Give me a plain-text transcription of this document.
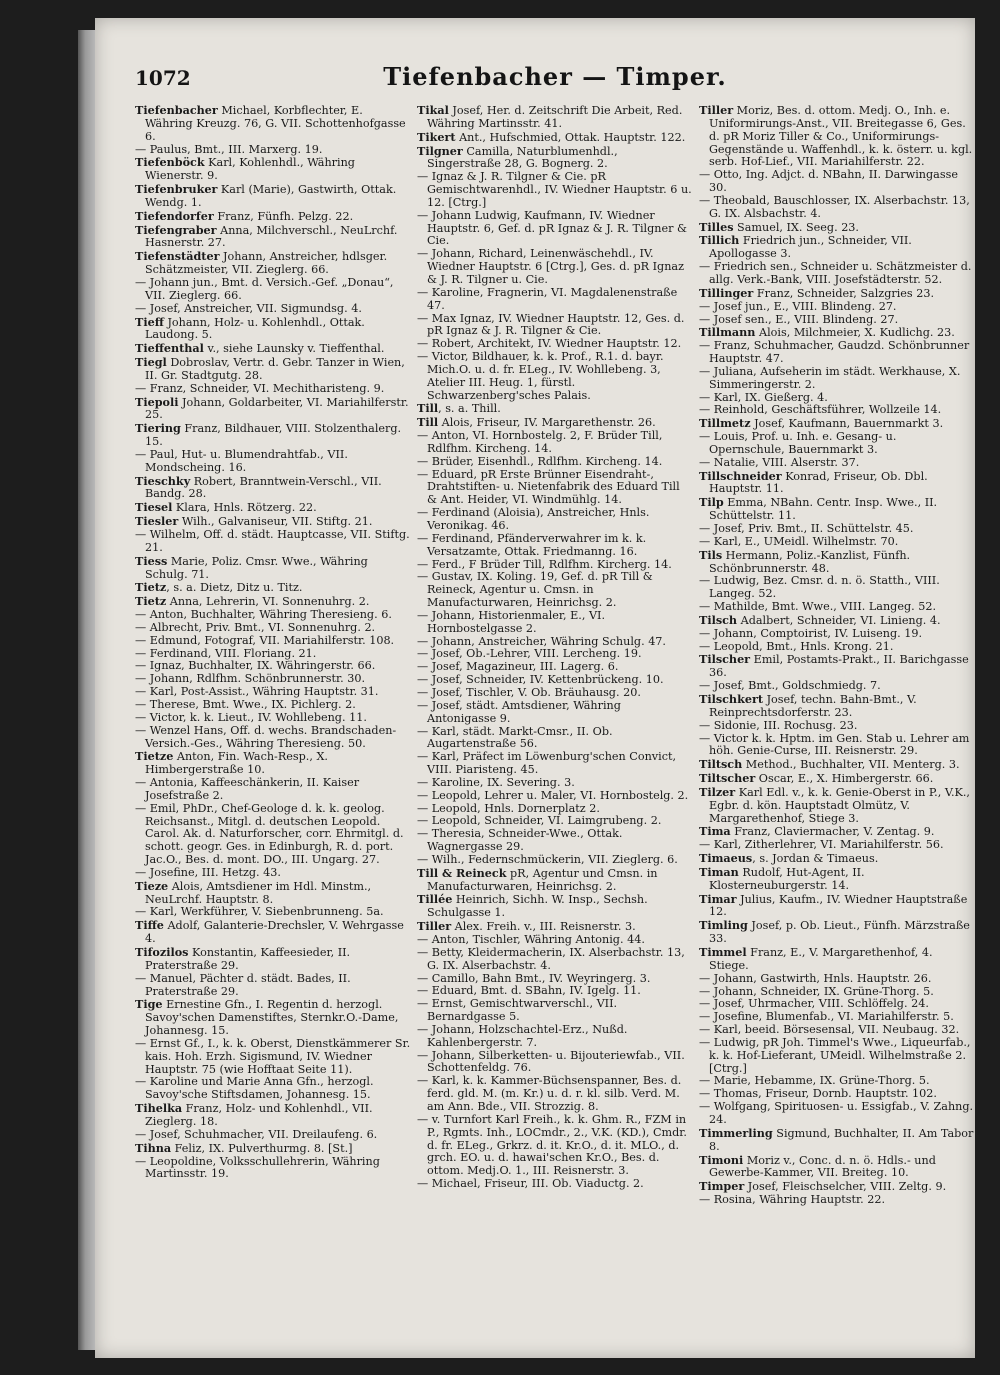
1072	Tiefenbacher — Timper.

Tiefenbacher Michael, Korbflechter, E. Währing Kreuzg. 76, G. VII. Schottenhofgasse 6.

— Paulus, Bmt., III. Marxerg. 19.

Tiefenböck Karl, Kohlenhdl., Währing Wienerstr. 9.

Tiefenbruker Karl (Marie), Gastwirth, Ottak. Wendg. 1.

Tiefendorfer Franz, Fünfh. Pelzg. 22.

Tiefengraber Anna, Milchverschl., NeuLrchf. Hasnerstr. 27.

Tiefenstädter Johann, Anstreicher, hdlsger. Schätzmeister, VII. Zieglerg. 66.

— Johann jun., Bmt. d. Versich.-Gef. „Donau“, VII. Zieglerg. 66.

— Josef, Anstreicher, VII. Sigmundsg. 4.

Tieff Johann, Holz- u. Kohlenhdl., Ottak. Laudong. 5.

Tieffenthal v., siehe Launsky v. Tieffenthal.

Tiegl Dobroslav, Vertr. d. Gebr. Tanzer in Wien, II. Gr. Stadtgutg. 28.

— Franz, Schneider, VI. Mechitharisteng. 9.

Tiepoli Johann, Goldarbeiter, VI. Mariahilferstr. 25.

Tiering Franz, Bildhauer, VIII. Stolzenthalerg. 15.

— Paul, Hut- u. Blumendrahtfab., VII. Mondscheing. 16.

Tieschky Robert, Branntwein-Verschl., VII. Bandg. 28.

Tiesel Klara, Hnls. Rötzerg. 22.

Tiesler Wilh., Galvaniseur, VII. Stiftg. 21.

— Wilhelm, Off. d. städt. Hauptcasse, VII. Stiftg. 21.

Tiess Marie, Poliz. Cmsr. Wwe., Währing Schulg. 71.

Tietz, s. a. Dietz, Ditz u. Titz.

Tietz Anna, Lehrerin, VI. Sonnenuhrg. 2.

— Anton, Buchhalter, Währing Theresieng. 6.

— Albrecht, Priv. Bmt., VI. Sonnenuhrg. 2.

— Edmund, Fotograf, VII. Mariahilferstr. 108.

— Ferdinand, VIII. Floriang. 21.

— Ignaz, Buchhalter, IX. Währingerstr. 66.

— Johann, Rdlfhm. Schönbrunnerstr. 30.

— Karl, Post-Assist., Währing Hauptstr. 31.

— Therese, Bmt. Wwe., IX. Pichlerg. 2.

— Victor, k. k. Lieut., IV. Wohllebeng. 11.

— Wenzel Hans, Off. d. wechs. Brandschaden-Versich.-Ges., Währing Theresieng. 50.

Tietze Anton, Fin. Wach-Resp., X. Himbergerstraße 10.

— Antonia, Kaffeeschänkerin, II. Kaiser Josefstraße 2.

— Emil, PhDr., Chef-Geologe d. k. k. geolog. Reichsanst., Mitgl. d. deutschen Leopold. Carol. Ak. d. Naturforscher, corr. Ehrmitgl. d. schott. geogr. Ges. in Edinburgh, R. d. port. Jac.O., Bes. d. mont. DO., III. Ungarg. 27.

— Josefine, III. Hetzg. 43.

Tieze Alois, Amtsdiener im Hdl. Minstm., NeuLrchf. Hauptstr. 8.

— Karl, Werkführer, V. Siebenbrunneng. 5a.

Tiffe Adolf, Galanterie-Drechsler, V. Wehrgasse 4.

Tifozilos Konstantin, Kaffeesieder, II. Praterstraße 29.

— Manuel, Pächter d. städt. Bades, II. Praterstraße 29.

Tige Ernestine Gfn., I. Regentin d. herzogl. Savoy'schen Damenstiftes, Sternkr.O.-Dame, Johannesg. 15.

— Ernst Gf., I., k. k. Oberst, Dienstkämmerer Sr. kais. Hoh. Erzh. Sigismund, IV. Wiedner Hauptstr. 75 (wie Hofftaat Seite 11).

— Karoline und Marie Anna Gfn., herzogl. Savoy'sche Stiftsdamen, Johannesg. 15.

Tihelka Franz, Holz- und Kohlenhdl., VII. Zieglerg. 18.

— Josef, Schuhmacher, VII. Dreilaufeng. 6.

Tihna Feliz, IX. Pulverthurmg. 8. [St.]

— Leopoldine, Volksschullehrerin, Währing Martinsstr. 19.

Tikal Josef, Her. d. Zeitschrift Die Arbeit, Red. Währing Martinsstr. 41.

Tikert Ant., Hufschmied, Ottak. Hauptstr. 122.

Tilgner Camilla, Naturblumenhdl., Singerstraße 28, G. Bognerg. 2.

— Ignaz & J. R. Tilgner & Cie. pR Gemischtwarenhdl., IV. Wiedner Hauptstr. 6 u. 12. [Ctrg.]

— Johann Ludwig, Kaufmann, IV. Wiedner Hauptstr. 6, Gef. d. pR Ignaz & J. R. Tilgner & Cie.

— Johann, Richard, Leinenwäschehdl., IV. Wiedner Hauptstr. 6 [Ctrg.], Ges. d. pR Ignaz & J. R. Tilgner u. Cie.

— Karoline, Fragnerin, VI. Magdalenenstraße 47.

— Max Ignaz, IV. Wiedner Hauptstr. 12, Ges. d. pR Ignaz & J. R. Tilgner & Cie.

— Robert, Architekt, IV. Wiedner Hauptstr. 12.

— Victor, Bildhauer, k. k. Prof., R.1. d. bayr. Mich.O. u. d. fr. ELeg., IV. Wohllebeng. 3, Atelier III. Heug. 1, fürstl. Schwarzenberg'sches Palais.

Till, s. a. Thill.

Till Alois, Friseur, IV. Margarethenstr. 26.

— Anton, VI. Hornbostelg. 2, F. Brüder Till, Rdlfhm. Kircheng. 14.

— Brüder, Eisenhdl., Rdlfhm. Kircheng. 14.

— Eduard, pR Erste Brünner Eisendraht-, Drahtstiften- u. Nietenfabrik des Eduard Till & Ant. Heider, VI. Windmühlg. 14.

— Ferdinand (Aloisia), Anstreicher, Hnls. Veronikag. 46.

— Ferdinand, Pfänderverwahrer im k. k. Versatzamte, Ottak. Friedmanng. 16.

— Ferd., F Brüder Till, Rdlfhm. Kircherg. 14.

— Gustav, IX. Koling. 19, Gef. d. pR Till & Reineck, Agentur u. Cmsn. in Manufacturwaren, Heinrichsg. 2.

— Johann, Historienmaler, E., VI. Hornbostelgasse 2.

— Johann, Anstreicher, Währing Schulg. 47.

— Josef, Ob.-Lehrer, VIII. Lercheng. 19.

— Josef, Magazineur, III. Lagerg. 6.

— Josef, Schneider, IV. Kettenbrückeng. 10.

— Josef, Tischler, V. Ob. Bräuhausg. 20.

— Josef, städt. Amtsdiener, Währing Antonigasse 9.

— Karl, städt. Markt-Cmsr., II. Ob. Augartenstraße 56.

— Karl, Präfect im Löwenburg'schen Convict, VIII. Piaristeng. 45.

— Karoline, IX. Severing. 3.

— Leopold, Lehrer u. Maler, VI. Hornbostelg. 2.

— Leopold, Hnls. Dornerplatz 2.

— Leopold, Schneider, VI. Laimgrubeng. 2.

— Theresia, Schneider-Wwe., Ottak. Wagnergasse 29.

— Wilh., Federnschmückerin, VII. Zieglerg. 6.

Till & Reineck pR, Agentur und Cmsn. in Manufacturwaren, Heinrichsg. 2.

Tillée Heinrich, Sichh. W. Insp., Sechsh. Schulgasse 1.

Tiller Alex. Freih. v., III. Reisnerstr. 3.

— Anton, Tischler, Währing Antonig. 44.

— Betty, Kleidermacherin, IX. Alserbachstr. 13, G. IX. Alserbachstr. 4.

— Camillo, Bahn Bmt., IV. Weyringerg. 3.

— Eduard, Bmt. d. SBahn, IV. Igelg. 11.

— Ernst, Gemischtwarverschl., VII. Bernardgasse 5.

— Johann, Holzschachtel-Erz., Nußd. Kahlenbergerstr. 7.

— Johann, Silberketten- u. Bijouteriewfab., VII. Schottenfeldg. 76.

— Karl, k. k. Kammer-Büchsenspanner, Bes. d. ferd. gld. M. (m. Kr.) u. d. r. kl. silb. Verd. M. am Ann. Bde., VII. Strozzig. 8.

— v. Turnfort Karl Freih., k. k. Ghm. R., FZM in P., Rgmts. Inh., LOCmdr., 2., V.K. (KD.), Cmdr. d. fr. ELeg., Grkrz. d. it. Kr.O., d. it. MLO., d. grch. EO. u. d. hawai'schen Kr.O., Bes. d. ottom. Medj.O. 1., III. Reisnerstr. 3.

— Michael, Friseur, III. Ob. Viaductg. 2.

Tiller Moriz, Bes. d. ottom. Medj. O., Inh. e. Uniformirungs-Anst., VII. Breitegasse 6, Ges. d. pR Moriz Tiller & Co., Uniformirungs-Gegenstände u. Waffenhdl., k. k. österr. u. kgl. serb. Hof-Lief., VII. Mariahilferstr. 22.

— Otto, Ing. Adjct. d. NBahn, II. Darwingasse 30.

— Theobald, Bauschlosser, IX. Alserbachstr. 13, G. IX. Alsbachstr. 4.

Tilles Samuel, IX. Seeg. 23.

Tillich Friedrich jun., Schneider, VII. Apollogasse 3.

— Friedrich sen., Schneider u. Schätzmeister d. allg. Verk.-Bank, VIII. Josefstädterstr. 52.

Tillinger Franz, Schneider, Salzgries 23.

— Josef jun., E., VIII. Blindeng. 27.

— Josef sen., E., VIII. Blindeng. 27.

Tillmann Alois, Milchmeier, X. Kudlichg. 23.

— Franz, Schuhmacher, Gaudzd. Schönbrunner Hauptstr. 47.

— Juliana, Aufseherin im städt. Werkhause, X. Simmeringerstr. 2.

— Karl, IX. Gießerg. 4.

— Reinhold, Geschäftsführer, Wollzeile 14.

Tillmetz Josef, Kaufmann, Bauernmarkt 3.

— Louis, Prof. u. Inh. e. Gesang- u. Opernschule, Bauernmarkt 3.

— Natalie, VIII. Alserstr. 37.

Tillschneider Konrad, Friseur, Ob. Dbl. Hauptstr. 11.

Tilp Emma, NBahn. Centr. Insp. Wwe., II. Schüttelstr. 11.

— Josef, Priv. Bmt., II. Schüttelstr. 45.

— Karl, E., UMeidl. Wilhelmstr. 70.

Tils Hermann, Poliz.-Kanzlist, Fünfh. Schönbrunnerstr. 48.

— Ludwig, Bez. Cmsr. d. n. ö. Statth., VIII. Langeg. 52.

— Mathilde, Bmt. Wwe., VIII. Langeg. 52.

Tilsch Adalbert, Schneider, VI. Linieng. 4.

— Johann, Comptoirist, IV. Luiseng. 19.

— Leopold, Bmt., Hnls. Krong. 21.

Tilscher Emil, Postamts-Prakt., II. Barichgasse 36.

— Josef, Bmt., Goldschmiedg. 7.

Tilschkert Josef, techn. Bahn-Bmt., V. Reinprechtsdorferstr. 23.

— Sidonie, III. Rochusg. 23.

— Victor k. k. Hptm. im Gen. Stab u. Lehrer am höh. Genie-Curse, III. Reisnerstr. 29.

Tiltsch Method., Buchhalter, VII. Menterg. 3.

Tiltscher Oscar, E., X. Himbergerstr. 66.

Tilzer Karl Edl. v., k. k. Genie-Oberst in P., V.K., Egbr. d. kön. Hauptstadt Olmütz, V. Margarethenhof, Stiege 3.

Tima Franz, Claviermacher, V. Zentag. 9.

— Karl, Zitherlehrer, VI. Mariahilferstr. 56.

Timaeus, s. Jordan & Timaeus.

Timan Rudolf, Hut-Agent, II. Klosterneuburgerstr. 14.

Timar Julius, Kaufm., IV. Wiedner Hauptstraße 12.

Timling Josef, p. Ob. Lieut., Fünfh. Märzstraße 33.

Timmel Franz, E., V. Margarethenhof, 4. Stiege.

— Johann, Gastwirth, Hnls. Hauptstr. 26.

— Johann, Schneider, IX. Grüne-Thorg. 5.

— Josef, Uhrmacher, VIII. Schlöffelg. 24.

— Josefine, Blumenfab., VI. Mariahilferstr. 5.

— Karl, beeid. Börsesensal, VII. Neubaug. 32.

— Ludwig, pR Joh. Timmel's Wwe., Liqueurfab., k. k. Hof-Lieferant, UMeidl. Wilhelmstraße 2. [Ctrg.]

— Marie, Hebamme, IX. Grüne-Thorg. 5.

— Thomas, Friseur, Dornb. Hauptstr. 102.

— Wolfgang, Spirituosen- u. Essigfab., V. Zahng. 24.

Timmerling Sigmund, Buchhalter, II. Am Tabor 8.

Timoni Moriz v., Conc. d. n. ö. Hdls.- und Gewerbe-Kammer, VII. Breiteg. 10.

Timper Josef, Fleischselcher, VIII. Zeltg. 9.

— Rosina, Währing Hauptstr. 22.
